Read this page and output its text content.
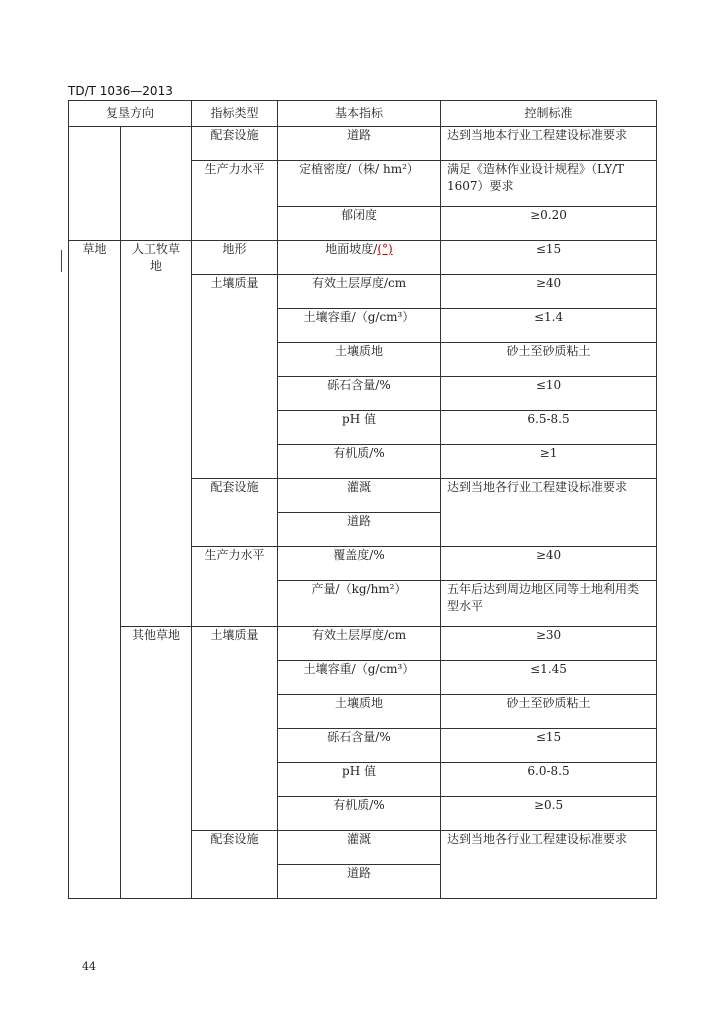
TD/T 1036—2013
复垦方向		指标类型	基本指标	控制标准
		配套设施	道路	达到当地本行业工程建设标准要求
		生产力水平	定植密度/（株/ hm²）	满足《造林作业设计规程》（LY/T 1607）要求
			郁闭度	≥0.20
草地	人工牧草地	地形	地面坡度/(°)	≤15
		土壤质量	有效土层厚度/cm	≥40
			土壤容重/（g/cm³）	≤1.4
			土壤质地	砂土至砂质粘土
			砾石含量/%	≤10
			pH 值	6.5-8.5
			有机质/%	≥1
		配套设施	灌溉	达到当地各行业工程建设标准要求
			道路	
		生产力水平	覆盖度/%	≥40
			产量/（kg/hm²）	五年后达到周边地区同等土地利用类型水平
	其他草地	土壤质量	有效土层厚度/cm	≥30
			土壤容重/（g/cm³）	≤1.45
			土壤质地	砂土至砂质粘土
			砾石含量/%	≤15
			pH 值	6.0-8.5
			有机质/%	≥0.5
		配套设施	灌溉	达到当地各行业工程建设标准要求
			道路	
44
